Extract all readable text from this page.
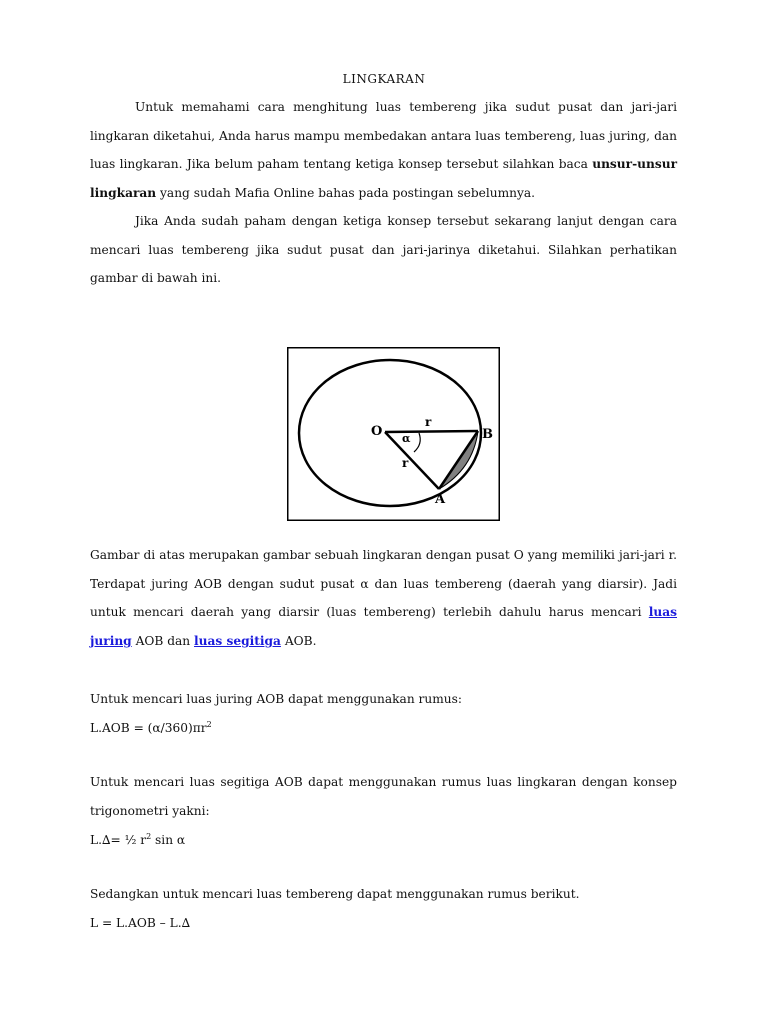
LINGKARAN

Untuk memahami cara menghitung luas tembereng jika sudut pusat dan jari-jari lingkaran diketahui, Anda harus mampu membedakan antara luas tembereng, luas juring, dan luas lingkaran. Jika belum paham tentang ketiga konsep tersebut silahkan baca unsur-unsur lingkaran yang sudah Mafia Online bahas pada postingan sebelumnya.

Jika Anda sudah paham dengan ketiga konsep tersebut sekarang lanjut dengan cara mencari luas tembereng jika sudut pusat dan jari-jarinya diketahui. Silahkan perhatikan gambar di bawah ini.

O	B
A
r
r
α

Gambar di atas merupakan gambar sebuah lingkaran dengan pusat O yang memiliki jari-jari r. Terdapat juring AOB dengan sudut pusat α dan luas tembereng (daerah yang diarsir). Jadi untuk mencari daerah yang diarsir (luas tembereng) terlebih dahulu harus mencari luas juring AOB dan luas segitiga AOB.

Untuk mencari luas juring AOB dapat menggunakan rumus:

$L.AOB = (\alpha/360)\pi r^2$

Untuk mencari luas segitiga AOB dapat menggunakan rumus luas lingkaran dengan konsep trigonometri yakni:

L.∆= ½ $r^2$ sin α

Sedangkan untuk mencari luas tembereng dapat menggunakan rumus berikut.

L = L.AOB – L.∆
